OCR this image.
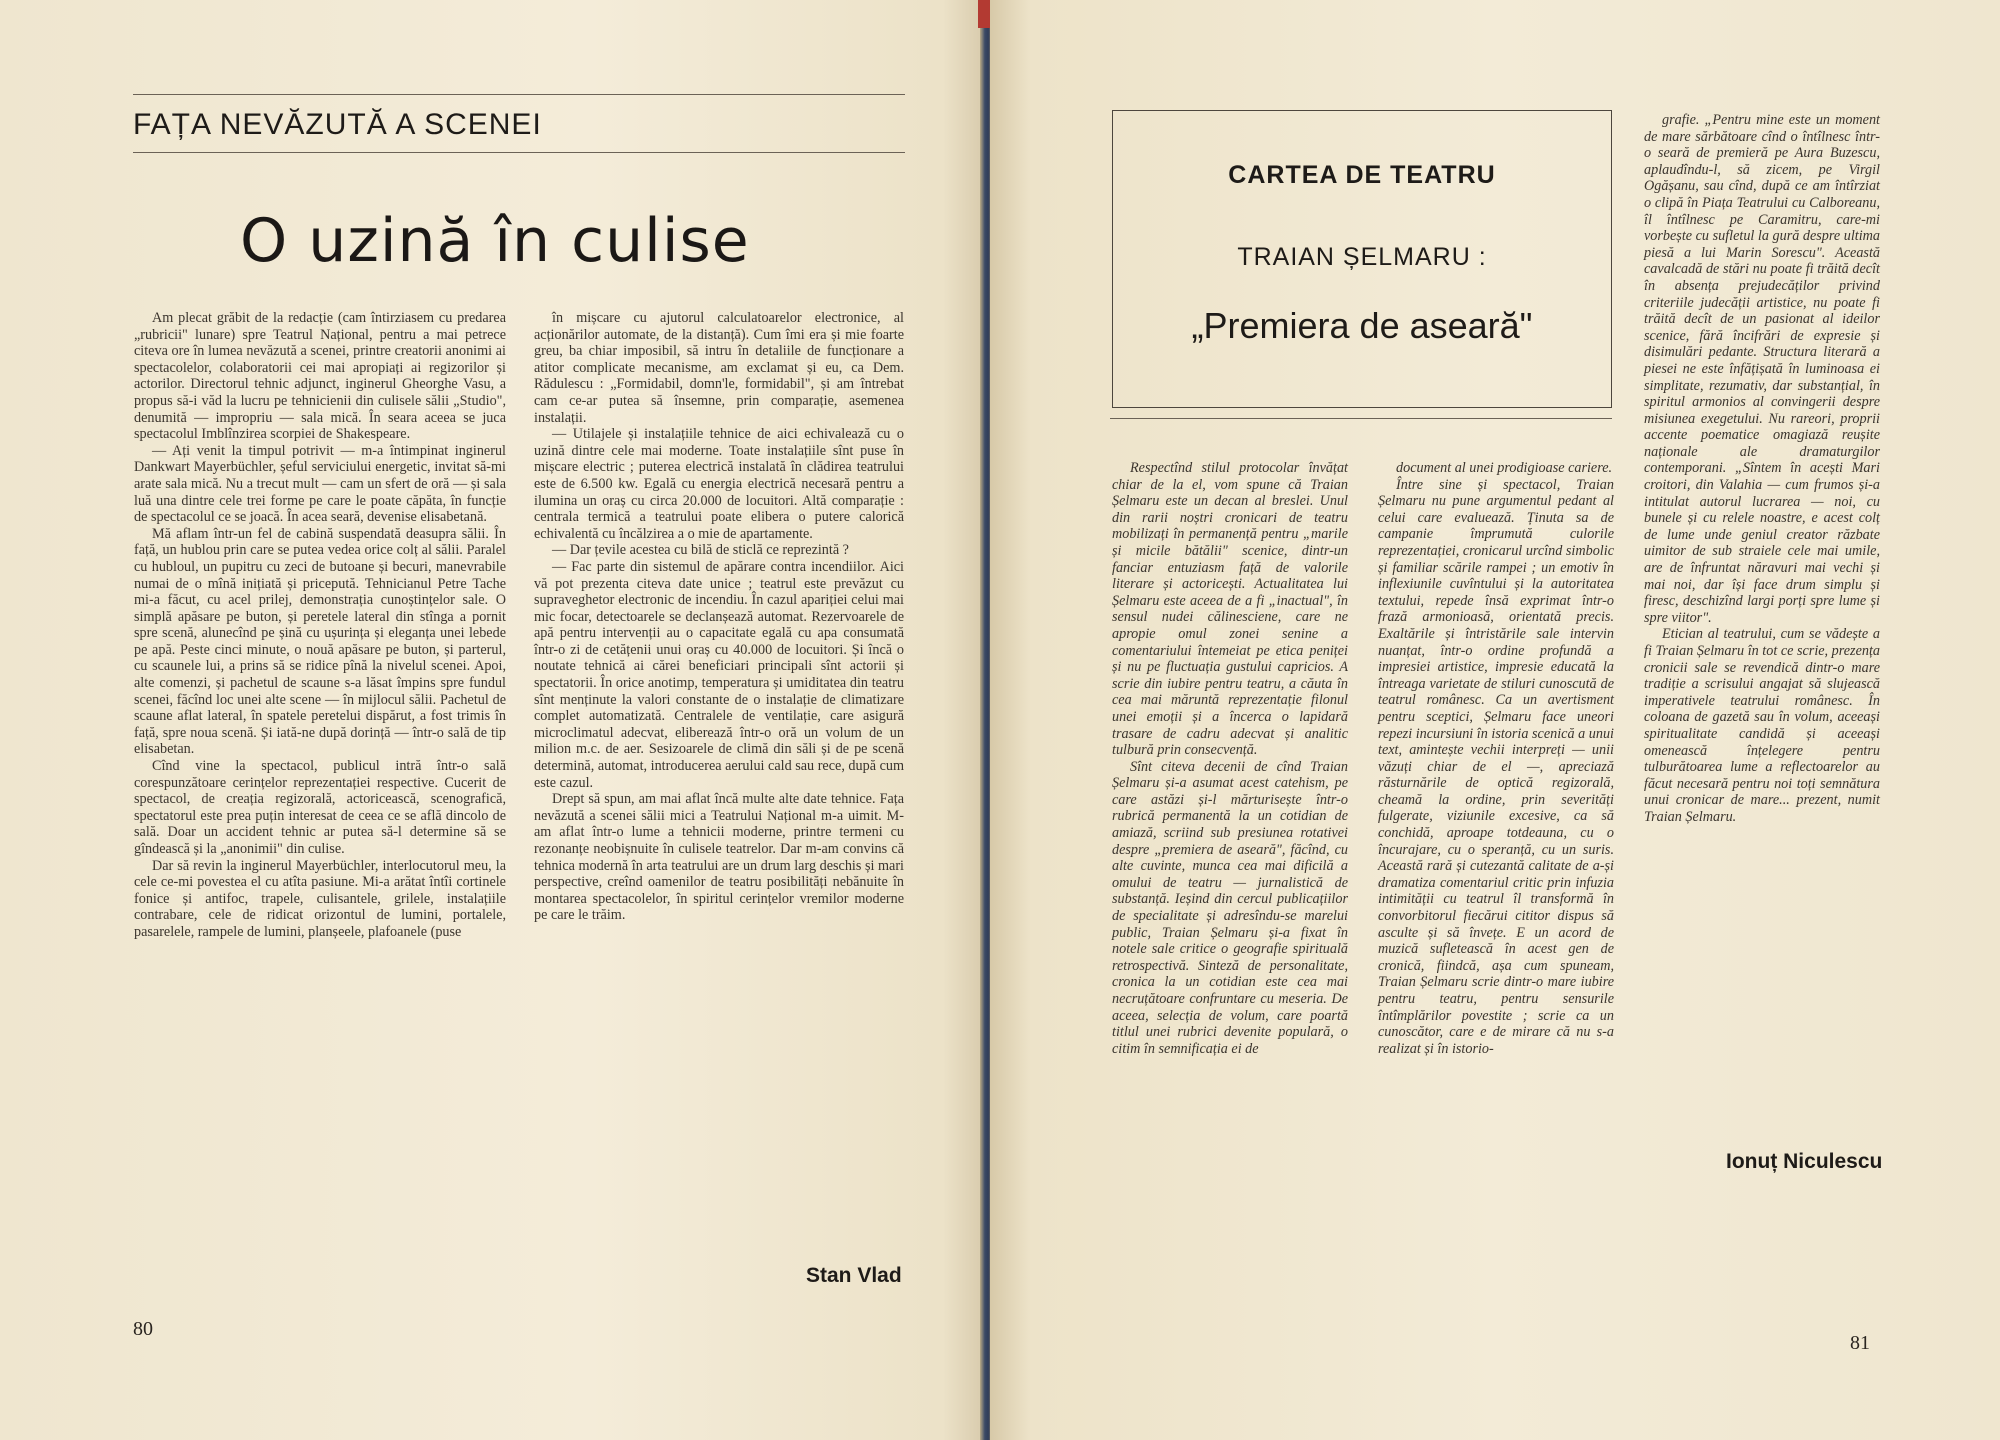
FAȚA NEVĂZUTĂ A SCENEI
O uzină în culise

Am plecat grăbit de la redacție (cam întirziasem cu predarea „rubricii" lunare) spre Teatrul Național, pentru a mai petrece citeva ore în lumea nevăzută a scenei, printre creatorii anonimi ai spectacolelor, colaboratorii cei mai apropiați ai regizorilor și actorilor. Directorul tehnic adjunct, inginerul Gheorghe Vasu, a propus să-i văd la lucru pe tehnicienii din culisele sălii „Studio", denumită — impropriu — sala mică. În seara aceea se juca spectacolul Imblînzirea scorpiei de Shakespeare.

— Ați venit la timpul potrivit — m-a întimpinat inginerul Dankwart Mayerbüchler, șeful serviciului energetic, invitat să-mi arate sala mică. Nu a trecut mult — cam un sfert de oră — și sala luă una dintre cele trei forme pe care le poate căpăta, în funcție de spectacolul ce se joacă. În acea seară, devenise elisabetană.

Mă aflam într-un fel de cabină suspendată deasupra sălii. În față, un hublou prin care se putea vedea orice colț al sălii. Paralel cu hubloul, un pupitru cu zeci de butoane și becuri, manevrabile numai de o mînă inițiată și pricepută. Tehnicianul Petre Tache mi-a făcut, cu acel prilej, demonstrația cunoștințelor sale. O simplă apăsare pe buton, și peretele lateral din stînga a pornit spre scenă, alunecînd pe șină cu ușurința și eleganța unei lebede pe apă. Peste cinci minute, o nouă apăsare pe buton, și parterul, cu scaunele lui, a prins să se ridice pînă la nivelul scenei. Apoi, alte comenzi, și pachetul de scaune s-a lăsat împins spre fundul scenei, făcînd loc unei alte scene — în mijlocul sălii. Pachetul de scaune aflat lateral, în spatele peretelui dispărut, a fost trimis în față, spre noua scenă. Și iată-ne după dorință — într-o sală de tip elisabetan.

Cînd vine la spectacol, publicul intră într-o sală corespunzătoare cerințelor reprezentației respective. Cucerit de spectacol, de creația regizorală, actoricească, scenografică, spectatorul este prea puțin interesat de ceea ce se află dincolo de sală. Doar un accident tehnic ar putea să-l determine să se gîndească și la „anonimii" din culise.

Dar să revin la inginerul Mayerbüchler, interlocutorul meu, la cele ce-mi povestea el cu atîta pasiune. Mi-a arătat întîi cortinele fonice și antifoc, trapele, culisantele, grilele, instalațiile contrabare, cele de ridicat orizontul de lumini, portalele, pasarelele, rampele de lumini, planșeele, plafoanele (puse

în mișcare cu ajutorul calculatoarelor electronice, al acționărilor automate, de la distanță). Cum îmi era și mie foarte greu, ba chiar imposibil, să intru în detaliile de funcționare a atitor complicate mecanisme, am exclamat și eu, ca Dem. Rădulescu : „Formidabil, domn'le, formidabil", și am întrebat cam ce-ar putea să însemne, prin comparație, asemenea instalații.

— Utilajele și instalațiile tehnice de aici echivalează cu o uzină dintre cele mai moderne. Toate instalațiile sînt puse în mișcare electric ; puterea electrică instalată în clădirea teatrului este de 6.500 kw. Egală cu energia electrică necesară pentru a ilumina un oraș cu circa 20.000 de locuitori. Altă comparație : centrala termică a teatrului poate elibera o putere calorică echivalentă cu încălzirea a o mie de apartamente.

— Dar țevile acestea cu bilă de sticlă ce reprezintă ?

— Fac parte din sistemul de apărare contra incendiilor. Aici vă pot prezenta citeva date unice ; teatrul este prevăzut cu supraveghetor electronic de incendiu. În cazul apariției celui mai mic focar, detectoarele se declanșează automat. Rezervoarele de apă pentru intervenții au o capacitate egală cu apa consumată într-o zi de cetățenii unui oraș cu 40.000 de locuitori. Și încă o noutate tehnică ai cărei beneficiari principali sînt actorii și spectatorii. În orice anotimp, temperatura și umiditatea din teatru sînt menținute la valori constante de o instalație de climatizare complet automatizată. Centralele de ventilație, care asigură microclimatul adecvat, eliberează într-o oră un volum de un milion m.c. de aer. Sesizoarele de climă din săli și de pe scenă determină, automat, introducerea aerului cald sau rece, după cum este cazul.

Drept să spun, am mai aflat încă multe alte date tehnice. Fața nevăzută a scenei sălii mici a Teatrului Național m-a uimit. M-am aflat într-o lume a tehnicii moderne, printre termeni cu rezonanțe neobișnuite în culisele teatrelor. Dar m-am convins că tehnica modernă în arta teatrului are un drum larg deschis și mari perspective, creînd oamenilor de teatru posibilități nebănuite în montarea spectacolelor, în spiritul cerințelor vremilor moderne pe care le trăim.

Stan Vlad
80
CARTEA DE TEATRU
TRAIAN ȘELMARU :
„Premiera de aseară"

Respectînd stilul protocolar învățat chiar de la el, vom spune că Traian Șelmaru este un decan al breslei. Unul din rarii noștri cronicari de teatru mobilizați în permanență pentru „marile și micile bătălii" scenice, dintr-un fanciar entuziasm față de valorile literare și actoricești. Actualitatea lui Șelmaru este aceea de a fi „inactual", în sensul nudei călinesciene, care ne apropie omul zonei senine a comentariului întemeiat pe etica peniței și nu pe fluctuația gustului capricios. A scrie din iubire pentru teatru, a căuta în cea mai măruntă reprezentație filonul unei emoții și a încerca o lapidară trasare de cadru adecvat și analitic tulbură prin consecvență.

Sînt citeva decenii de cînd Traian Șelmaru și-a asumat acest catehism, pe care astăzi și-l mărturisește într-o rubrică permanentă la un cotidian de amiază, scriind sub presiunea rotativei despre „premiera de aseară", făcînd, cu alte cuvinte, munca cea mai dificilă a omului de teatru — jurnalistică de substanță. Ieșind din cercul publicațiilor de specialitate și adresîndu-se marelui public, Traian Șelmaru și-a fixat în notele sale critice o geografie spirituală retrospectivă. Sinteză de personalitate, cronica la un cotidian este cea mai necruțătoare confruntare cu meseria. De aceea, selecția de volum, care poartă titlul unei rubrici devenite populară, o citim în semnificația ei de

document al unei prodigioase cariere.

Între sine și spectacol, Traian Șelmaru nu pune argumentul pedant al celui care evaluează. Ținuta sa de campanie împrumută culorile reprezentației, cronicarul urcînd simbolic și familiar scările rampei ; un emotiv în inflexiunile cuvîntului și la autoritatea textului, repede însă exprimat într-o frază armonioasă, orientată precis. Exaltările și întristările sale intervin nuanțat, într-o ordine profundă a impresiei artistice, impresie educată la întreaga varietate de stiluri cunoscută de teatrul românesc. Ca un avertisment pentru sceptici, Șelmaru face uneori repezi incursiuni în istoria scenică a unui text, amintește vechii interpreți — unii văzuți chiar de el —, apreciază răsturnările de optică regizorală, cheamă la ordine, prin severități fulgerate, viziunile excesive, ca să conchidă, aproape totdeauna, cu o încurajare, cu o speranță, cu un suris. Această rară și cutezantă calitate de a-și dramatiza comentariul critic prin infuzia intimității cu teatrul îl transformă în convorbitorul fiecărui cititor dispus să asculte și să învețe. E un acord de muzică sufletească în acest gen de cronică, fiindcă, așa cum spuneam, Traian Șelmaru scrie dintr-o mare iubire pentru teatru, pentru sensurile întîmplărilor povestite ; scrie ca un cunoscător, care e de mirare că nu s-a realizat și în istorio-

grafie. „Pentru mine este un moment de mare sărbătoare cînd o întîlnesc într-o seară de premieră pe Aura Buzescu, aplaudîndu-l, să zicem, pe Virgil Ogășanu, sau cînd, după ce am întîrziat o clipă în Piața Teatrului cu Calboreanu, îl întîlnesc pe Caramitru, care-mi vorbește cu sufletul la gură despre ultima piesă a lui Marin Sorescu". Această cavalcadă de stări nu poate fi trăită decît în absența prejudecăților privind criteriile judecății artistice, nu poate fi trăită decît de un pasionat al ideilor scenice, fără încifrări de expresie și disimulări pedante. Structura literară a piesei ne este înfățișată în luminoasa ei simplitate, rezumativ, dar substanțial, în spiritul armonios al convingerii despre misiunea exegetului. Nu rareori, proprii accente poematice omagiază reușite naționale ale dramaturgilor contemporani. „Sîntem în acești Mari croitori, din Valahia — cum frumos și-a intitulat autorul lucrarea — noi, cu bunele și cu relele noastre, e acest colț de lume unde geniul creator răzbate uimitor de sub straiele cele mai umile, are de înfruntat năravuri mai vechi și mai noi, dar își face drum simplu și firesc, deschizînd largi porți spre lume și spre viitor".

Etician al teatrului, cum se vădește a fi Traian Șelmaru în tot ce scrie, prezența cronicii sale se revendică dintr-o mare tradiție a scrisului angajat să slujească imperativele teatrului românesc. În coloana de gazetă sau în volum, aceeași spiritualitate candidă și aceeași omenească înțelegere pentru tulburătoarea lume a reflectoarelor au făcut necesară pentru noi toți semnătura unui cronicar de mare... prezent, numit Traian Șelmaru.

Ionuț Niculescu
81
